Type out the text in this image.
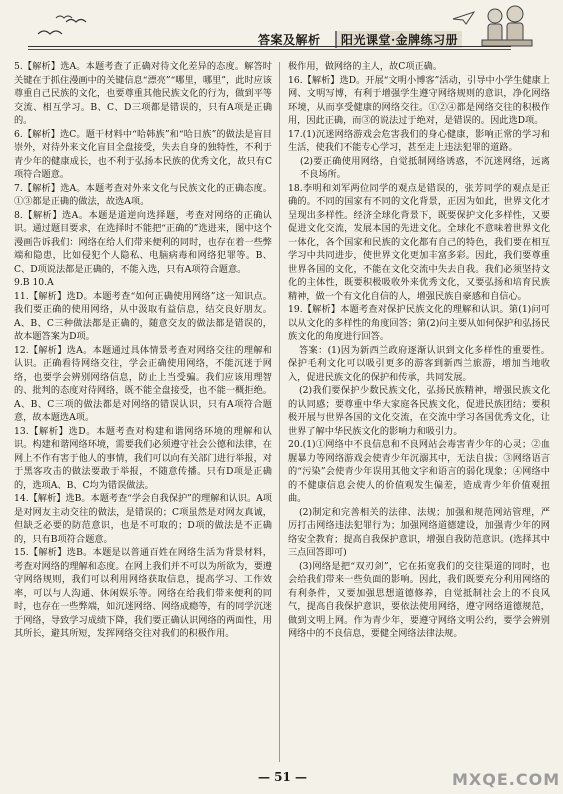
答案及解析	阳光课堂·金牌练习册

5.【解析】选A。本题考查了正确对待文化差异的态度。解答时关键在于抓住漫画中的关键信息“漂亮”“哪里，哪里”，此时应该尊重自己民族的文化，也要尊重其他民族文化的行为，做到平等交流、相互学习。B、C、D三项都是错误的，只有A项是正确的。

6.【解析】选C。题干材料中“哈韩族”和“哈日族”的做法是盲目崇外，对待外来文化盲目全盘接受，失去自身的独特性，不利于青少年的健康成长，也不利于弘扬本民族的优秀文化，故只有C项符合题意。

7.【解析】选A。本题考查对外来文化与民族文化的正确态度。①③都是正确的做法，故选A项。

8.【解析】选A。本题是道逆向选择题，考查对网络的正确认识。通过题目要求，在选择时不能把“正确的”选进来，图中这个漫画告诉我们：网络在给人们带来便利的同时，也存在着一些弊端和隐患，比如侵犯个人隐私、电脑病毒和网络犯罪等。B、C、D项说法都是正确的，不能入选，只有A项符合题意。

9.B 10.A

11.【解析】选D。本题考查“如何正确使用网络”这一知识点。我们要正确的使用网络，从中汲取有益信息，结交良好朋友。A、B、C三种做法都是正确的，随意交友的做法都是错误的，故本题答案为D项。

12.【解析】选A。本题通过具体情景考查对网络交往的理解和认识。正确看待网络交往，学会正确使用网络，不能沉迷于网络，也要学会辨别网络信息，防止上当受骗。我们应该用理智的、批判的态度对待网络，既不能全盘接受，也不能一概拒绝。A、B、C三项的做法都是对网络的错误认识，只有A项符合题意，故本题选A项。

13.【解析】选D。本题考查对构建和谐网络环境的理解和认识。构建和谐网络环境，需要我们必须遵守社会公德和法律，在网上不作有害于他人的事情，我们可以向有关部门进行举报，对于黑客攻击的做法要敢于举报，不随意传播。只有D项是正确的，选项A、B、C均为错误做法。

14.【解析】选B。本题考查“学会自我保护”的理解和认识。A项是对网友主动交往的做法，是错误的；C项虽然是对网友真诚，但缺乏必要的防范意识，也是不可取的；D项的做法是不正确的，只有B项符合题意。

15.【解析】选B。本题是以普通百姓在网络生活为背景材料，考查对网络的理解和态度。在网上我们并不可以为所欲为，要遵守网络规则，我们可以利用网络获取信息，提高学习、工作效率，可以与人沟通、休闲娱乐等。网络在给我们带来便利的同时，也存在一些弊端，如沉迷网络、网络成瘾等，有的同学沉迷于网络，导致学习成绩下降，我们要正确认识网络的两面性，用其所长，避其所短，发挥网络交往对我们的积极作用。

极作用，做网络的主人，故C项正确。

16.【解析】选D。开展“文明小博客”活动，引导中小学生健康上网、文明写博，有利于增强学生遵守网络规则的意识，净化网络环境，从而享受健康的网络交往。①②④都是网络交往的积极作用，因此正确，而③的说法过于绝对，是错误的。因此选D项。

17.(1)沉迷网络游戏会危害我们的身心健康，影响正常的学习和生活，使我们不能专心学习，甚至走上违法犯罪的道路。

(2)要正确使用网络，自觉抵制网络诱惑，不沉迷网络，远离不良场所。

18.李明和刘军两位同学的观点是错误的，张芳同学的观点是正确的。不同的国家有不同的文化背景，正因为如此，世界文化才呈现出多样性。经济全球化背景下，既要保护文化多样性，又要促进文化交流，发展本国的先进文化。全球化不意味着世界文化一体化，各个国家和民族的文化都有自己的特色，我们要在相互学习中共同进步，使世界文化更加丰富多彩。因此，我们要尊重世界各国的文化，不能在文化交流中失去自我。我们必须坚持文化的主体性，既要积极吸收外来优秀文化，又要弘扬和培育民族精神，做一个有文化自信的人，增强民族自豪感和自信心。

19.【解析】本题考查对保护民族文化的理解和认识。第(1)问可以从文化的多样性的角度回答；第(2)问主要从如何保护和弘扬民族文化的角度进行回答。

答案：(1)因为新西兰政府逐渐认识到文化多样性的重要性。保护毛利文化可以吸引更多的游客到新西兰旅游，增加当地收入，促进民族文化的保护和传承，共同发展。

(2)我们要保护少数民族文化，弘扬民族精神，增强民族文化的认同感；要尊重中华大家庭各民族文化，促进民族团结；要积极开展与世界各国的文化交流，在交流中学习各国优秀文化，让世界了解中华民族文化的影响力和吸引力。

20.(1)①网络中不良信息和不良网站会毒害青少年的心灵；②血腥暴力等网络游戏会使青少年沉溺其中，无法自拔；③网络语言的“污染”会使青少年误用其他文字和语言的弱化现象；④网络中的不健康信息会使人的价值观发生偏差，造成青少年价值观扭曲。

(2)制定和完善相关的法律、法规；加强和规范网站管理，严厉打击网络违法犯罪行为；加强网络道德建设，加强青少年的网络安全教育；提高自我保护意识，增强自我防范意识。(选择其中三点回答即可)

(3)网络是把“双刃剑”，它在拓宽我们的交往渠道的同时，也会给我们带来一些负面的影响。因此，我们既要充分利用网络的有利条件，又要加强思想道德修养，自觉抵制社会上的不良风气，提高自我保护意识，要依法使用网络，遵守网络道德规范，做到文明上网。作为青少年，要遵守网络文明公约，要学会辨别网络中的不良信息，要健全网络法律法规。

— 51 —	MXQE.COM
